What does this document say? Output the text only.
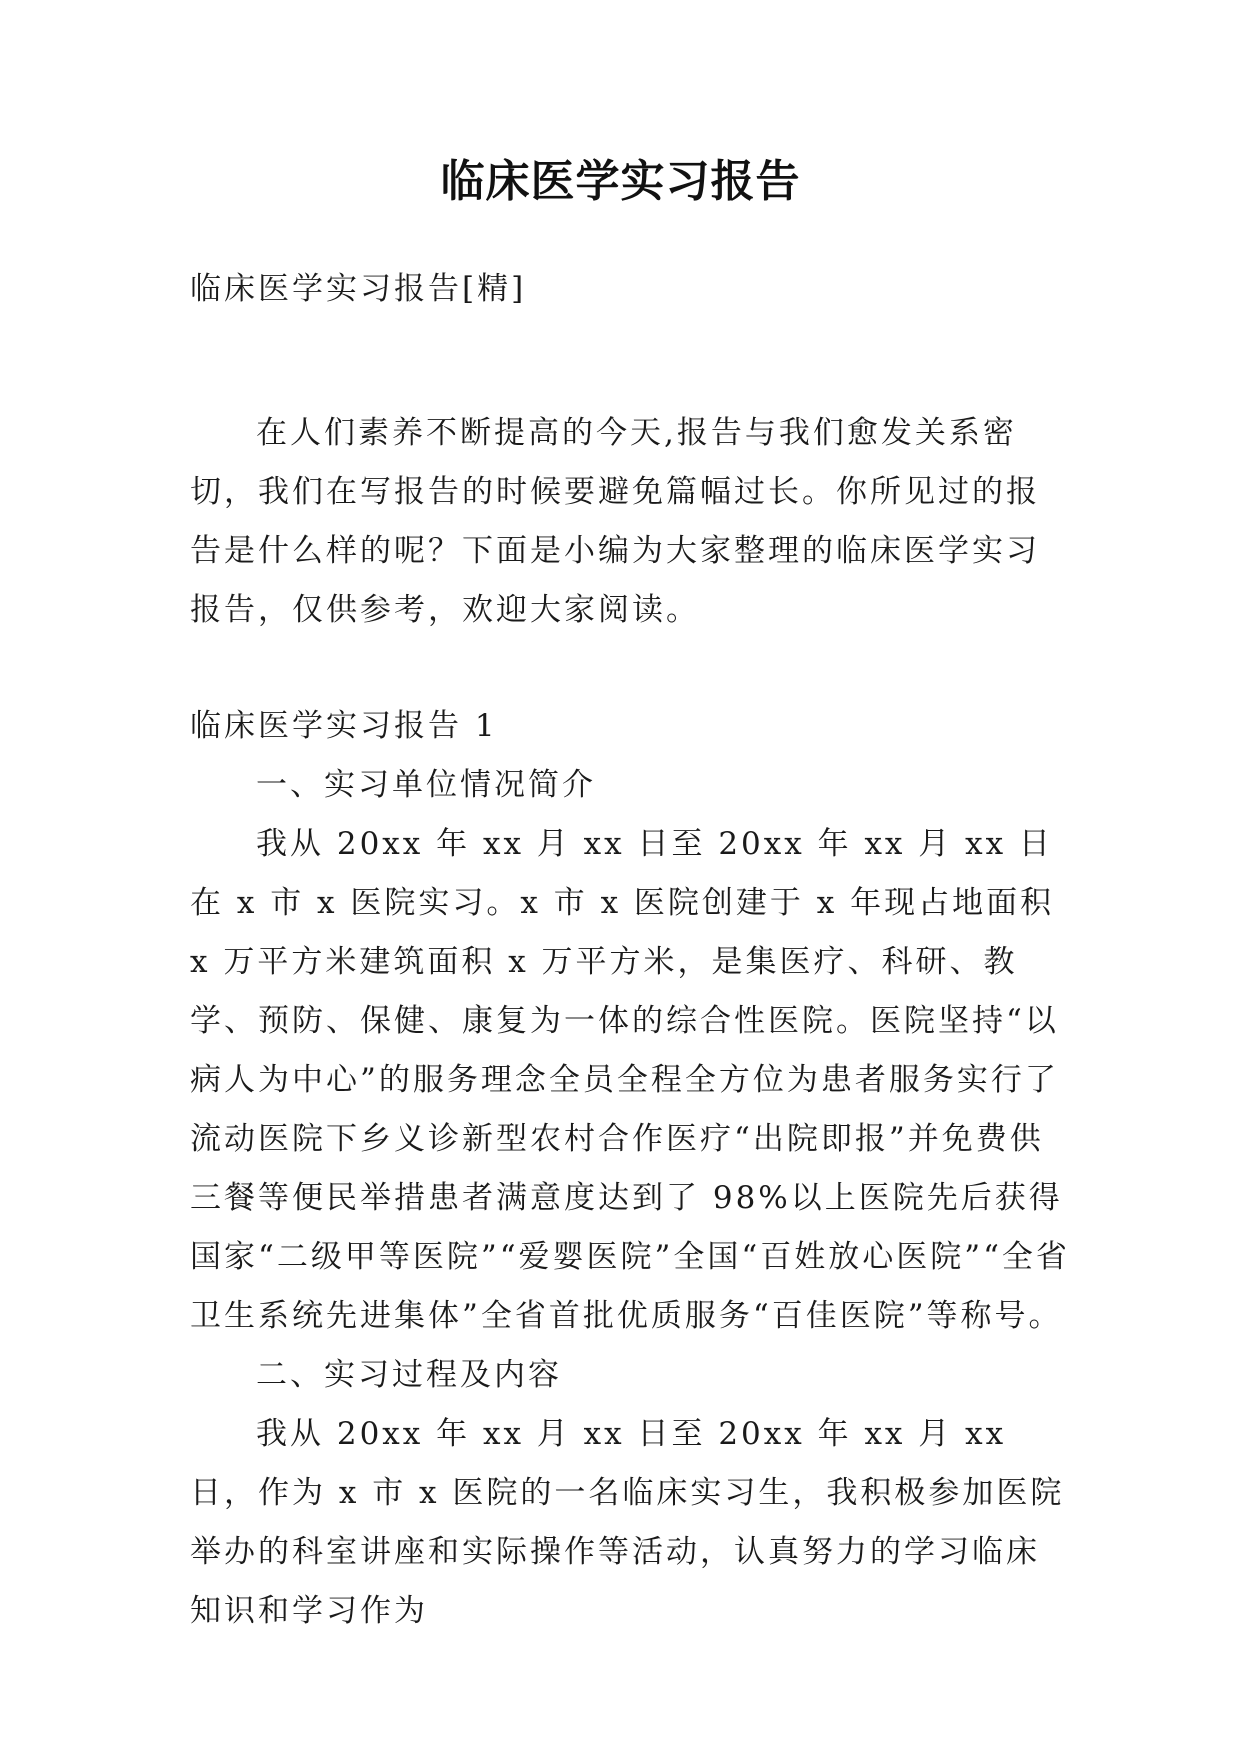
临床医学实习报告
临床医学实习报告[精]

在人们素养不断提高的今天,报告与我们愈发关系密切，我们在写报告的时候要避免篇幅过长。你所见过的报告是什么样的呢？下面是小编为大家整理的临床医学实习报告，仅供参考，欢迎大家阅读。

临床医学实习报告 1

一、实习单位情况简介

我从 20xx 年 xx 月 xx 日至 20xx 年 xx 月 xx 日在 x 市 x 医院实习。x 市 x 医院创建于 x 年现占地面积 x 万平方米建筑面积 x 万平方米，是集医疗、科研、教学、预防、保健、康复为一体的综合性医院。医院坚持“以病人为中心”的服务理念全员全程全方位为患者服务实行了流动医院下乡义诊新型农村合作医疗“出院即报”并免费供三餐等便民举措患者满意度达到了 98%以上医院先后获得国家“二级甲等医院”“爱婴医院”全国“百姓放心医院”“全省卫生系统先进集体”全省首批优质服务“百佳医院”等称号。

二、实习过程及内容

我从 20xx 年 xx 月 xx 日至 20xx 年 xx 月 xx 日，作为 x 市 x 医院的一名临床实习生，我积极参加医院举办的科室讲座和实际操作等活动，认真努力的学习临床知识和学习作为
